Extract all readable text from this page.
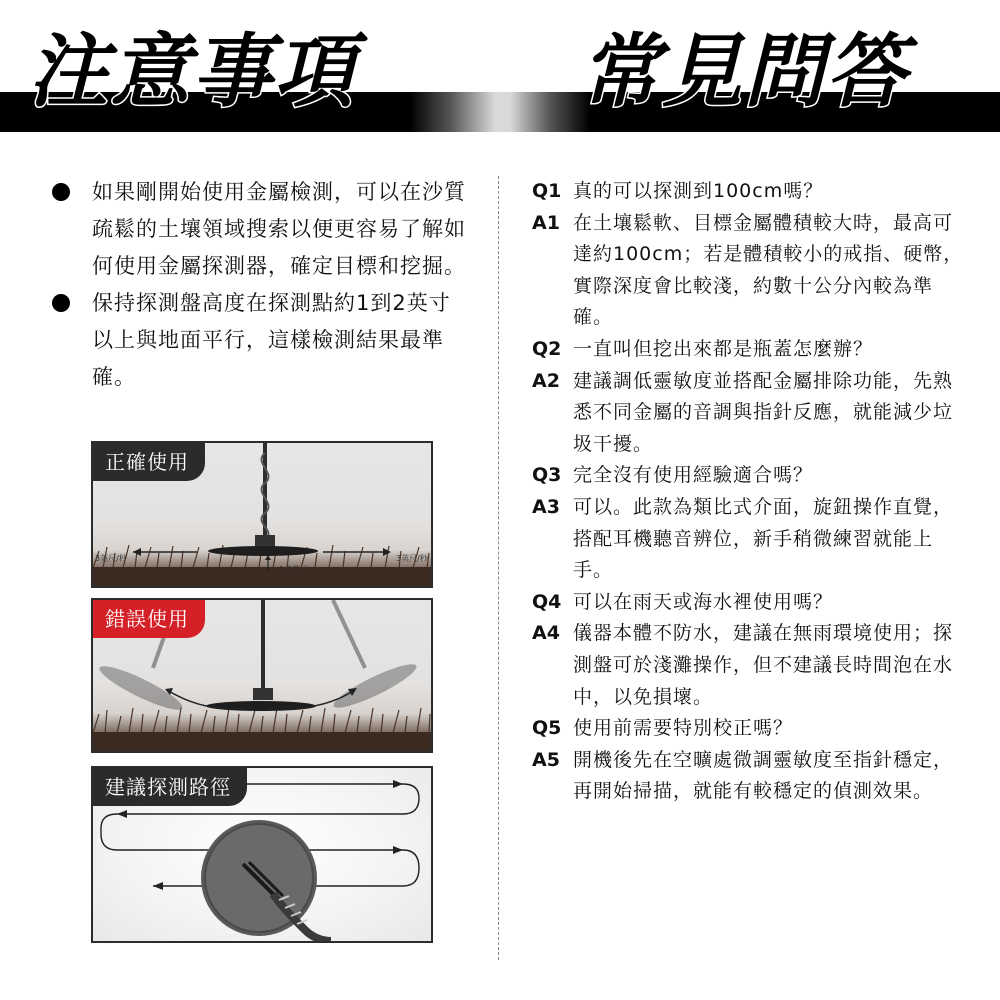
注意事項	常見問答
如果剛開始使用金屬檢測，可以在沙質疏鬆的土壤領域搜索以便更容易了解如何使用金屬探測器，確定目標和挖掘。
保持探測盤高度在探測點約1到2英寸以上與地面平行，這樣檢測結果最準確。
正確使用
3英尺/秒	3英尺/秒
1-2英寸
錯誤使用
建議探測路徑
Q1 真的可以探測到100cm嗎？
A1 在土壤鬆軟、目標金屬體積較大時，最高可達約100cm；若是體積較小的戒指、硬幣，實際深度會比較淺，約數十公分內較為準確。
Q2 一直叫但挖出來都是瓶蓋怎麼辦？
A2 建議調低靈敏度並搭配金屬排除功能，先熟悉不同金屬的音調與指針反應，就能減少垃圾干擾。
Q3 完全沒有使用經驗適合嗎？
A3 可以。此款為類比式介面，旋鈕操作直覺，搭配耳機聽音辨位，新手稍微練習就能上手。
Q4 可以在雨天或海水裡使用嗎？
A4 儀器本體不防水，建議在無雨環境使用；探測盤可於淺灘操作，但不建議長時間泡在水中，以免損壞。
Q5 使用前需要特別校正嗎？
A5 開機後先在空曠處微調靈敏度至指針穩定，再開始掃描，就能有較穩定的偵測效果。
